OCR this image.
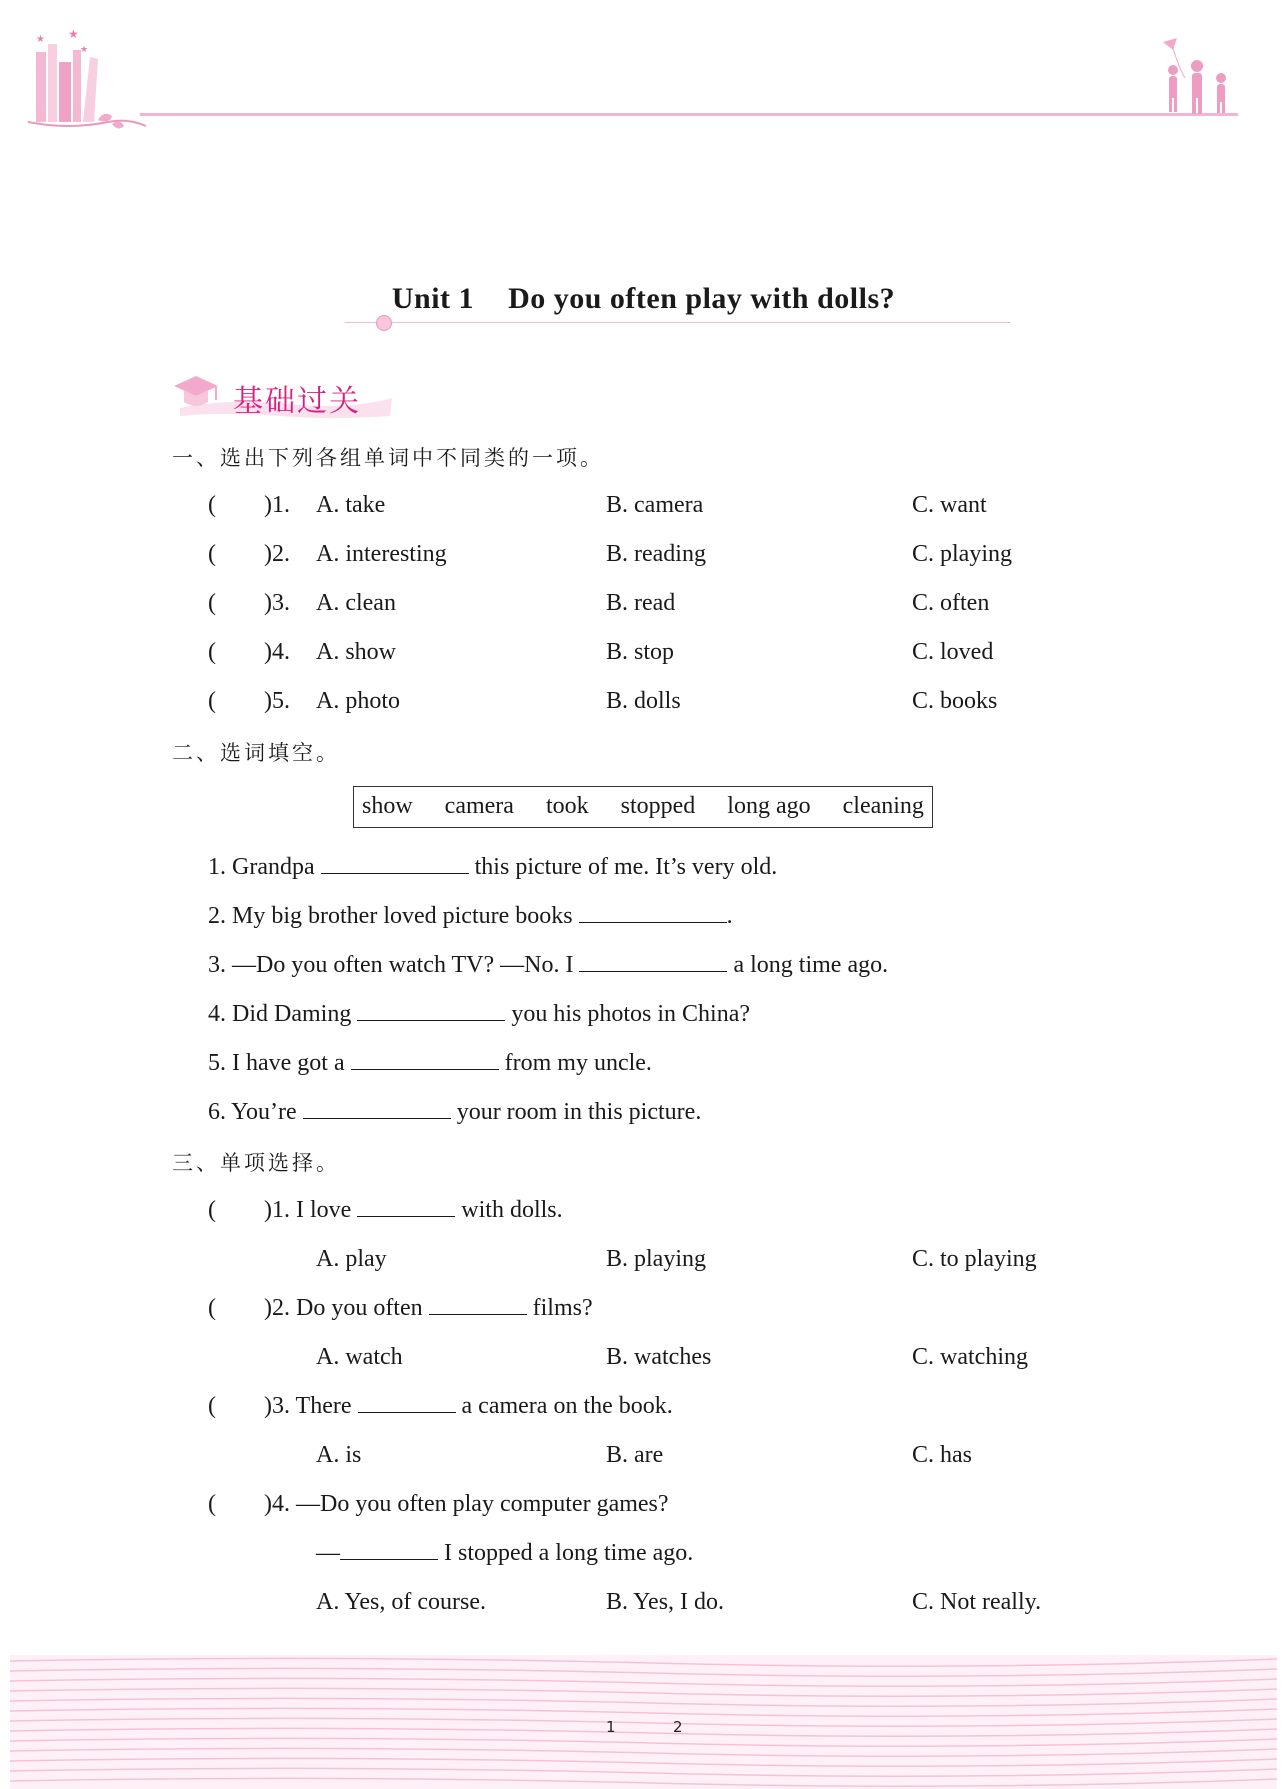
★
★
★
Unit 1 Do you often play with dolls?
基础过关
一、选出下列各组单词中不同类的一项。
(　　)1. A. take	B. camera	C. want
(　　)2. A. interesting	B. reading	C. playing
(　　)3. A. clean	B. read	C. often
(　　)4. A. show	B. stop	C. loved
(　　)5. A. photo	B. dolls	C. books
二、选词填空。
show camera took stopped long ago cleaning
1. Grandpa	this picture of me. It’s very old.
2. My big brother loved picture books	.
3. —Do you often watch TV? —No. I	a long time ago.
4. Did Daming	you his photos in China?
5. I have got a	from my uncle.
6. You’re	your room in this picture.
三、单项选择。
(　　)1. I love	with dolls.
A. play	B. playing	C. to playing
(　　)2. Do you often	films?
A. watch	B. watches	C. watching
(　　)3. There	a camera on the book.
A. is	B. are	C. has
(　　)4. —Do you often play computer games?
—	I stopped a long time ago.
A. Yes, of course.	B. Yes, I do.	C. Not really.
1	2
